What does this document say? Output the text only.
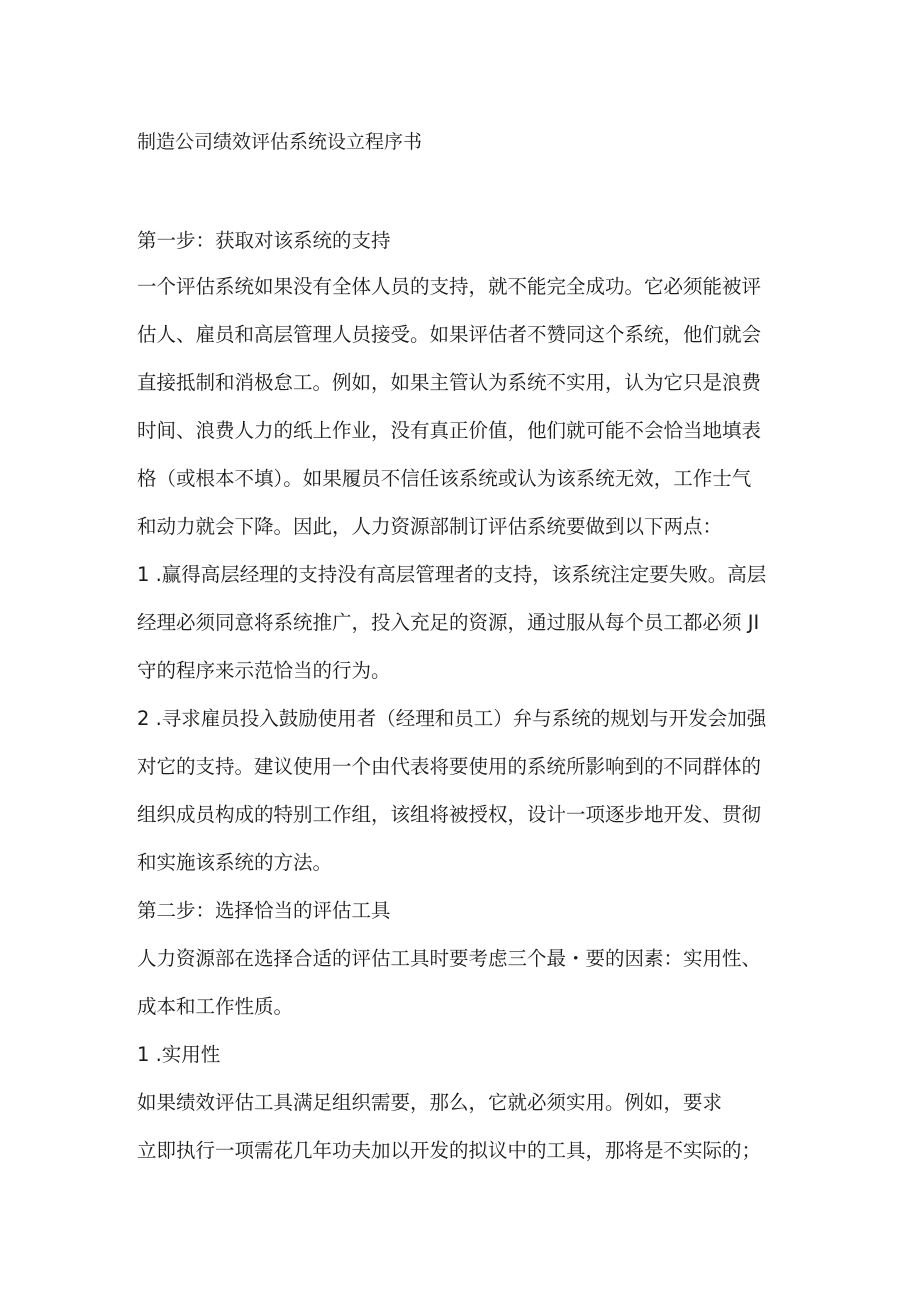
制造公司绩效评估系统设立程序书

第一步：获取对该系统的支持

一个评估系统如果没有全体人员的支持，就不能完全成功。它必须能被评

估人、雇员和高层管理人员接受。如果评估者不赞同这个系统，他们就会

直接抵制和消极怠工。例如，如果主管认为系统不实用，认为它只是浪费

时间、浪费人力的纸上作业，没有真正价值，他们就可能不会恰当地填表

格（或根本不填）。如果履员不信任该系统或认为该系统无效，工作士气

和动力就会下降。因此，人力资源部制订评估系统要做到以下两点：

1 .赢得高层经理的支持没有高层管理者的支持，该系统注定要失败。高层

经理必须同意将系统推广，投入充足的资源，通过服从每个员工都必须 JI

守的程序来示范恰当的行为。

2 .寻求雇员投入鼓励使用者（经理和员工）弁与系统的规划与开发会加强

对它的支持。建议使用一个由代表将要使用的系统所影响到的不同群体的

组织成员构成的特别工作组，该组将被授权，设计一项逐步地开发、贯彻

和实施该系统的方法。

第二步：选择恰当的评估工具

人力资源部在选择合适的评估工具时要考虑三个最・要的因素：实用性、

成本和工作性质。

1 .实用性

如果绩效评估工具满足组织需要，那么，它就必须实用。例如，要求

立即执行一项需花几年功夫加以开发的拟议中的工具，那将是不实际的；
